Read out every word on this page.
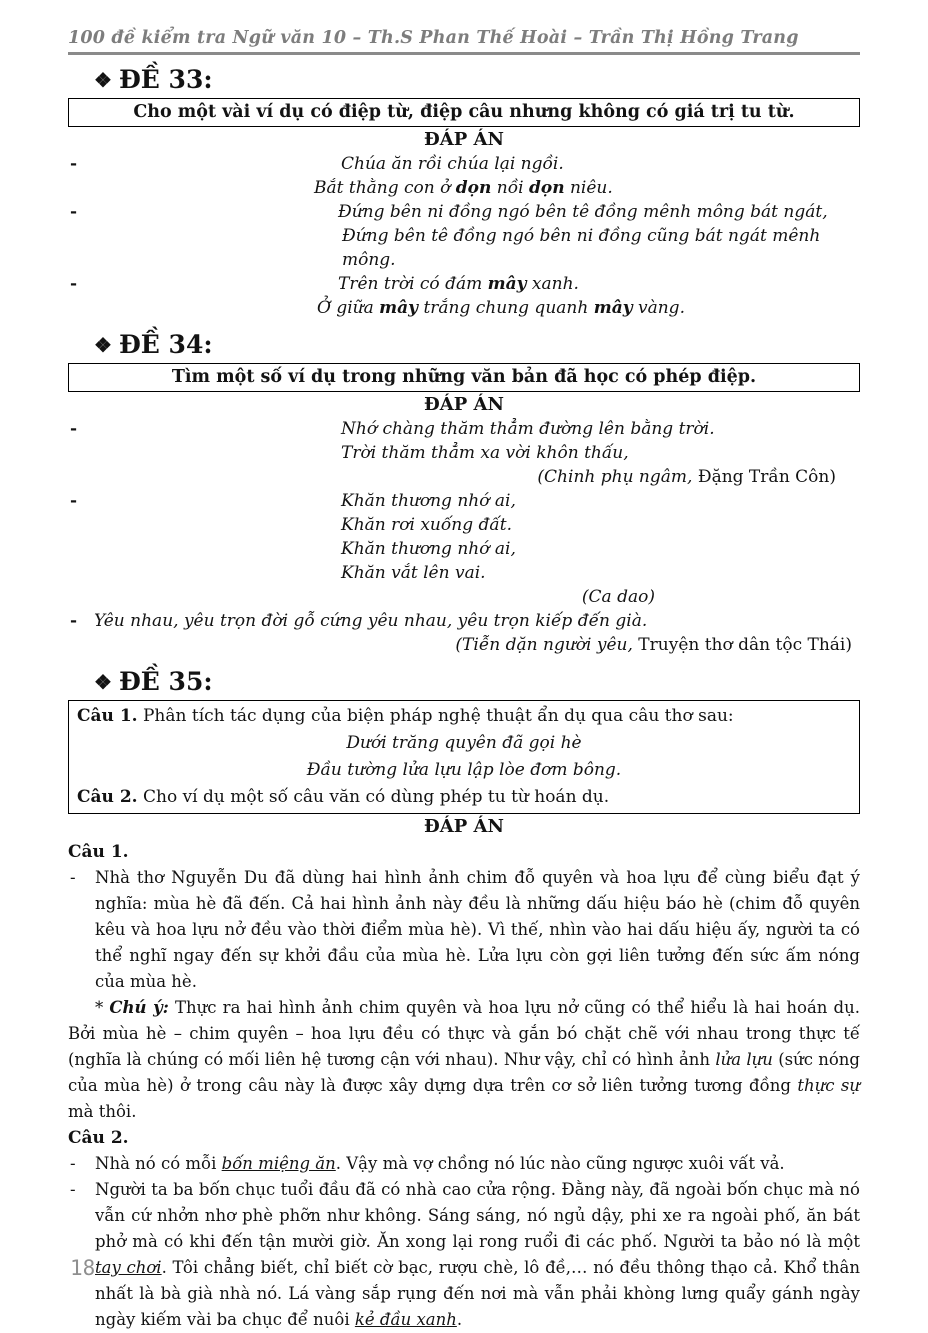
100 đề kiểm tra Ngữ văn 10 – Th.S Phan Thế Hoài – Trần Thị Hồng Trang
❖ ĐỀ 33:
Cho một vài ví dụ có điệp từ, điệp câu nhưng không có giá trị tu từ.
ĐÁP ÁN
-	Chúa ăn rồi chúa lại ngồi.
Bắt thằng con ở dọn nồi dọn niêu.
-	Đứng bên ni đồng ngó bên tê đồng mênh mông bát ngát,
Đứng bên tê đồng ngó bên ni đồng cũng bát ngát mênh mông.
-	Trên trời có đám mây xanh.
Ở giữa mây trắng chung quanh mây vàng.
❖ ĐỀ 34:
Tìm một số ví dụ trong những văn bản đã học có phép điệp.
ĐÁP ÁN
-	Nhớ chàng thăm thẳm đường lên bằng trời.
Trời thăm thẳm xa vời khôn thấu,
(Chinh phụ ngâm, Đặng Trần Côn)
-	Khăn thương nhớ ai,
Khăn rơi xuống đất.
Khăn thương nhớ ai,
Khăn vắt lên vai.
(Ca dao)
- Yêu nhau, yêu trọn đời gỗ cứng yêu nhau, yêu trọn kiếp đến già.
(Tiễn dặn người yêu, Truyện thơ dân tộc Thái)
❖ ĐỀ 35:
Câu 1. Phân tích tác dụng của biện pháp nghệ thuật ẩn dụ qua câu thơ sau:
Dưới trăng quyên đã gọi hè
Đầu tường lửa lựu lập lòe đơm bông.
Câu 2. Cho ví dụ một số câu văn có dùng phép tu từ hoán dụ.
ĐÁP ÁN
Câu 1.
- Nhà thơ Nguyễn Du đã dùng hai hình ảnh chim đỗ quyên và hoa lựu để cùng biểu đạt ý nghĩa: mùa hè đã đến. Cả hai hình ảnh này đều là những dấu hiệu báo hè (chim đỗ quyên kêu và hoa lựu nở đều vào thời điểm mùa hè). Vì thế, nhìn vào hai dấu hiệu ấy, người ta có thể nghĩ ngay đến sự khởi đầu của mùa hè. Lửa lựu còn gợi liên tưởng đến sức ấm nóng của mùa hè.
* Chú ý: Thực ra hai hình ảnh chim quyên và hoa lựu nở cũng có thể hiểu là hai hoán dụ. Bởi mùa hè – chim quyên – hoa lựu đều có thực và gắn bó chặt chẽ với nhau trong thực tế (nghĩa là chúng có mối liên hệ tương cận với nhau). Như vậy, chỉ có hình ảnh lửa lựu (sức nóng của mùa hè) ở trong câu này là được xây dựng dựa trên cơ sở liên tưởng tương đồng thực sự mà thôi.
Câu 2.
- Nhà nó có mỗi bốn miệng ăn. Vậy mà vợ chồng nó lúc nào cũng ngược xuôi vất vả.
- Người ta ba bốn chục tuổi đầu đã có nhà cao cửa rộng. Đằng này, đã ngoài bốn chục mà nó vẫn cứ nhởn nhơ phè phỡn như không. Sáng sáng, nó ngủ dậy, phi xe ra ngoài phố, ăn bát phở mà có khi đến tận mười giờ. Ăn xong lại rong ruổi đi các phố. Người ta bảo nó là một tay chơi. Tôi chẳng biết, chỉ biết cờ bạc, rượu chè, lô đề,… nó đều thông thạo cả. Khổ thân nhất là bà già nhà nó. Lá vàng sắp rụng đến nơi mà vẫn phải khòng lưng quẩy gánh ngày ngày kiếm vài ba chục để nuôi kẻ đầu xanh.
18
